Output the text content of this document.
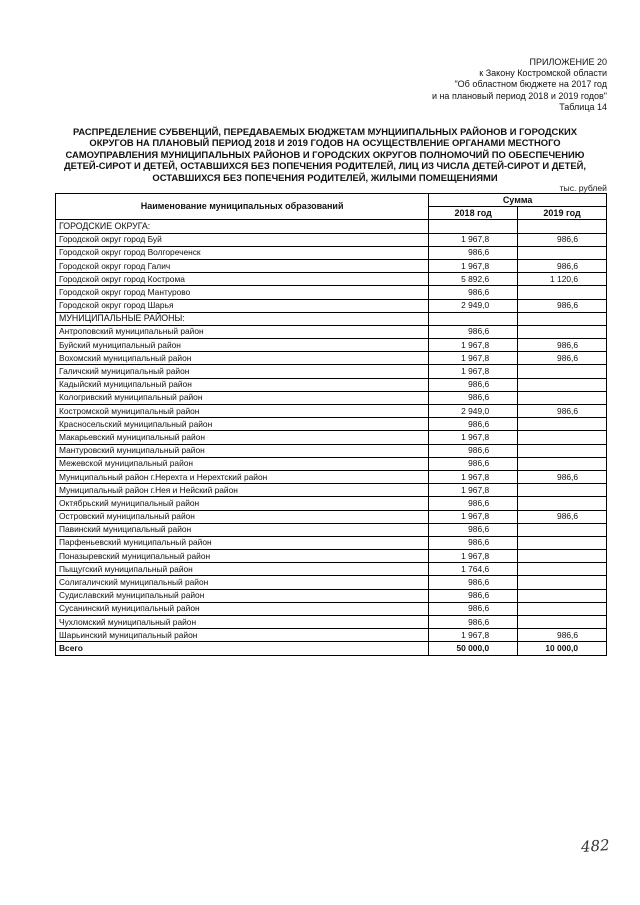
ПРИЛОЖЕНИЕ 20
к Закону Костромской области
"Об областном бюджете на 2017 год
и на плановый период 2018 и 2019 годов"
Таблица 14
РАСПРЕДЕЛЕНИЕ СУБВЕНЦИЙ, ПЕРЕДАВАЕМЫХ БЮДЖЕТАМ МУНЦИИПАЛЬНЫХ РАЙОНОВ И ГОРОДСКИХ ОКРУГОВ НА ПЛАНОВЫЙ ПЕРИОД 2018 И 2019 ГОДОВ НА ОСУЩЕСТВЛЕНИЕ ОРГАНАМИ МЕСТНОГО САМОУПРАВЛЕНИЯ МУНИЦИПАЛЬНЫХ РАЙОНОВ И ГОРОДСКИХ ОКРУГОВ ПОЛНОМОЧИЙ ПО ОБЕСПЕЧЕНИЮ ДЕТЕЙ-СИРОТ И ДЕТЕЙ, ОСТАВШИХСЯ БЕЗ ПОПЕЧЕНИЯ РОДИТЕЛЕЙ, ЛИЦ ИЗ ЧИСЛА ДЕТЕЙ-СИРОТ И ДЕТЕЙ, ОСТАВШИХСЯ БЕЗ ПОПЕЧЕНИЯ РОДИТЕЛЕЙ, ЖИЛЫМИ ПОМЕЩЕНИЯМИ
тыс. рублей
Наименование муниципальных образований	Сумма	
	2018 год	2019 год
ГОРОДСКИЕ ОКРУГА:		
Городской округ город Буй	1 967,8	986,6
Городской округ город Волгореченск	986,6	
Городской округ город Галич	1 967,8	986,6
Городской округ город Кострома	5 892,6	1 120,6
Городской округ город Мантурово	986,6	
Городской округ город Шарья	2 949,0	986,6
МУНИЦИПАЛЬНЫЕ РАЙОНЫ:		
Антроповский муниципальный район	986,6	
Буйский муниципальный район	1 967,8	986,6
Вохомский муниципальный район	1 967,8	986,6
Галичский муниципальный район	1 967,8	
Кадыйский муниципальный район	986,6	
Кологривский муниципальный район	986,6	
Костромской муниципальный район	2 949,0	986,6
Красносельский муниципальный район	986,6	
Макарьевский муниципальный район	1 967,8	
Мантуровский муниципальный район	986,6	
Межевской муниципальный район	986,6	
Муниципальный район г.Нерехта и Нерехтский район	1 967,8	986,6
Муниципальный район г.Нея и Нейский район	1 967,8	
Октябрьский муниципальный район	986,6	
Островский муниципальный район	1 967,8	986,6
Павинский муниципальный район	986,6	
Парфеньевский муниципальный район	986,6	
Поназыревский муниципальный район	1 967,8	
Пыщугский муниципальный район	1 764,6	
Солигаличский муниципальный район	986,6	
Судиславский муниципальный район	986,6	
Сусанинский муниципальный район	986,6	
Чухломский муниципальный район	986,6	
Шарьинский муниципальный район	1 967,8	986,6
Всего	50 000,0	10 000,0
482
